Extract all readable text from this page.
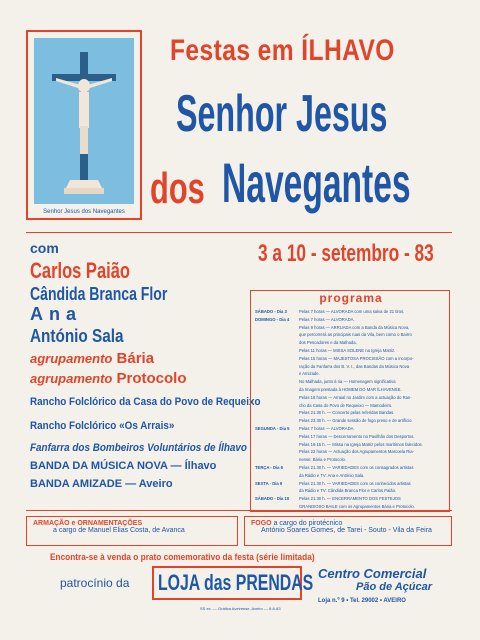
Senhor Jesus dos Navegantes
Festas em ÍLHAVO
Senhor Jesus
dos Navegantes
com	3 a 10 - setembro - 83
Carlos Paião
Cândida Branca Flor
Ana
António Sala
agrupamento Bária
agrupamento Protocolo
Rancho Folclórico da Casa do Povo de Requeixo
Rancho Folclórico «Os Arrais»
Fanfarra dos Bombeiros Voluntários de Ílhavo
BANDA DA MÚSICA NOVA — Ílhavo
BANDA AMIZADE — Aveiro
programa
SÁBADO - Dia 3	Pelas 7 horas — ALVORADA com uma salva de 21 tiros.
DOMINGO - Dia 4	Pelas 7 horas — ALVORADA.
Pelas 9 horas — ARRUADA com a Banda da Música Nova,
que percorrerá as principais ruas da Vila, bem como o Bairro
dos Pescadores e da Malhada.
Pelas 11 horas — MISSA SOLENE na Igreja Matriz.
Pelas 15 horas — MAJESTOSA PROCISSÃO com a incorpo-
ração da Fanfarra dos B. V. I., das Bandas da Música Nova
e Amizade.
No Malhada, junto à ria — Homenagem significativa
da Imagem prestada à HOMEM DO MAR ÍLHAVENSE.
Pelas 18 horas — Arraial no Jardim com a actuação do Ran-
cho da Casa do Povo de Requeixo — Mamodeiro.
Pelas 21.30 h. — Concerto pelas referidas Bandas.
Pelas 23.30 h. — Grande sessão de fogo preso e de artifício.
SEGUNDA - Dia 5	Pelas 7 horas — ALVORADA.
Pelas 17 horas — Descerramento no Pavilhão dos Desportos.
Pelas 19.15 h. — Missa na Igreja Matriz pelos marítimos falecidos.
Pelas 22 horas — Actuação dos Agrupamentos Marcoela Ria-
nense: Bária e Protocolo.
TERÇA - Dia 6	Pelas 21.30 h. — VARIEDADES com os consagrados artistas
da Rádio e TV: Ana e António Sala.
SEXTA - Dia 9	Pelas 21.30 h. — VARIEDADES com os conhecidos artistas
da Rádio e TV: Cândida Branca Flor e Carlos Paião.
SÁBADO - Dia 10	Pelas 21.30 h. — ENCERRAMENTO DOS FESTEJOS
GRANDIOSO BAILE com os Agrupamentos Bária e Protocolo.
ARMAÇÃO e ORNAMENTAÇÕES
a cargo de Manuel Elias Costa, de Avanca
FOGO a cargo do pirotécnico
António Soares Gomes, de Tarei - Souto - Vila da Feira
Encontra-se à venda o prato comemorativo da festa (série limitada)
patrocínio da LOJA das PRENDAS Centro Comercial
Pão de Açúcar
Loja n.º 9 • Tel. 29002 • AVEIRO
SS ex. — Gráfica Aveirense, Aveiro — 8-8-83
